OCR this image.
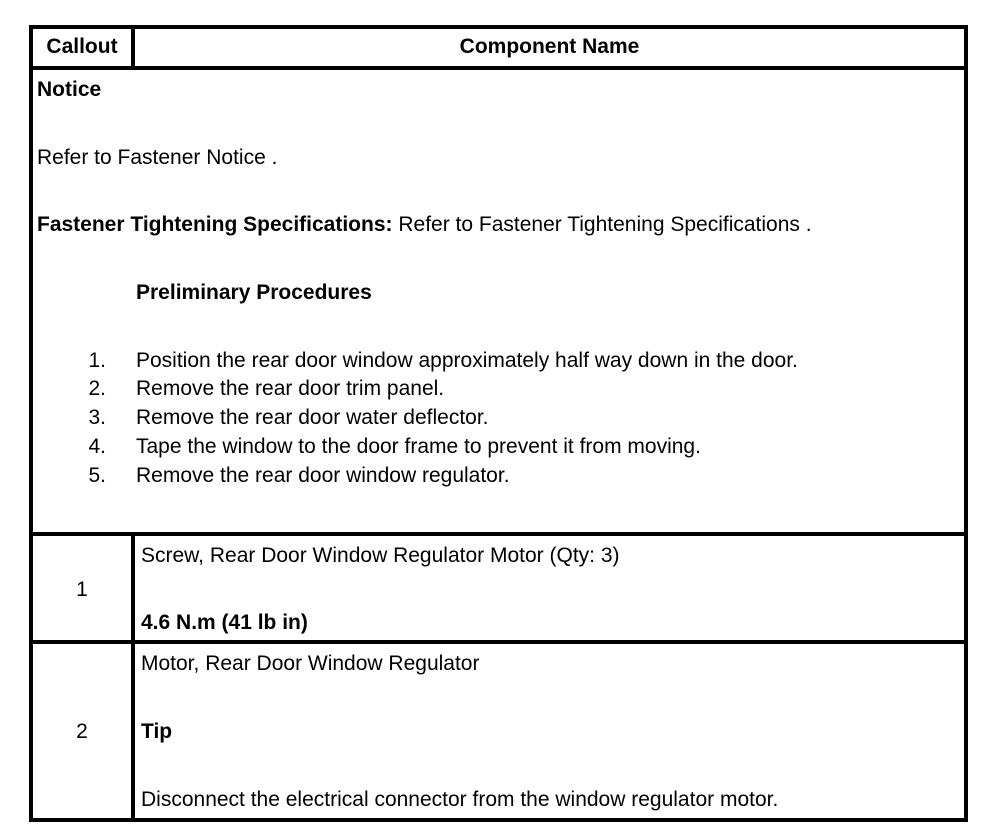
Callout	Component Name
Notice
Refer to Fastener Notice .
Fastener Tightening Specifications: Refer to Fastener Tightening Specifications .
Preliminary Procedures
1. Position the rear door window approximately half way down in the door.
2. Remove the rear door trim panel.
3. Remove the rear door water deflector.
4. Tape the window to the door frame to prevent it from moving.
5. Remove the rear door window regulator.
1
Screw, Rear Door Window Regulator Motor (Qty: 3)
4.6 N.m (41 lb in)
2
Motor, Rear Door Window Regulator
Tip
Disconnect the electrical connector from the window regulator motor.
